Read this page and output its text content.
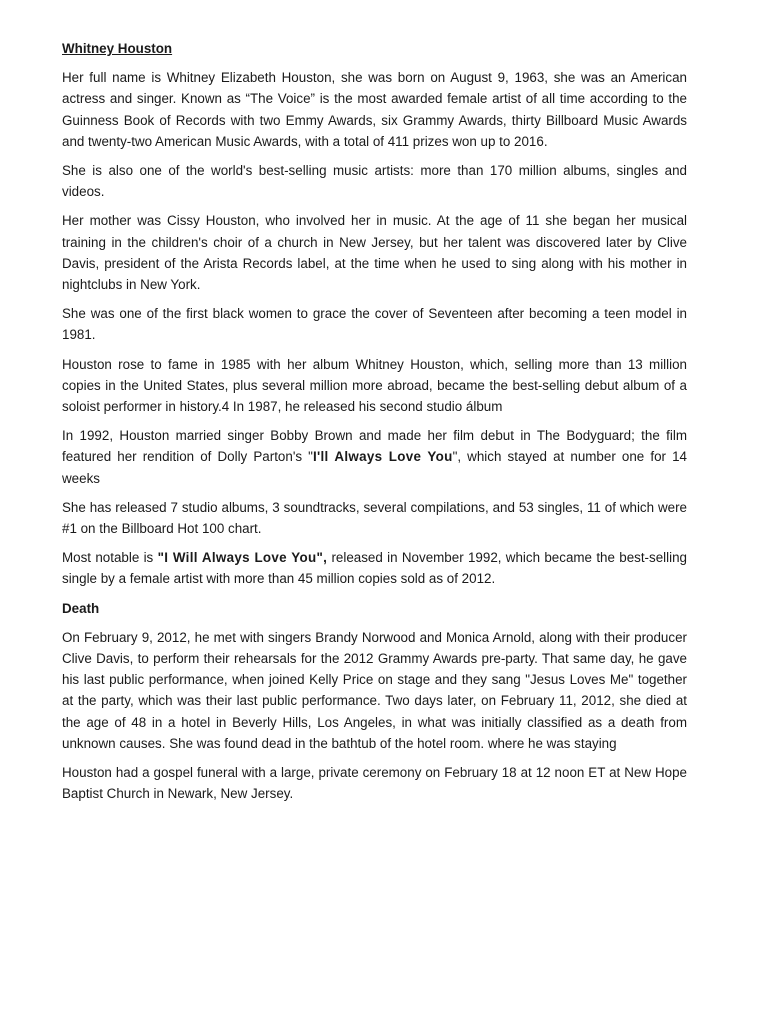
Whitney Houston

Her full name is Whitney Elizabeth Houston, she was born on August 9, 1963, she was an American actress and singer. Known as “The Voice” is the most awarded female artist of all time according to the Guinness Book of Records with two Emmy Awards, six Grammy Awards, thirty Billboard Music Awards and twenty-two American Music Awards, with a total of 411 prizes won up to 2016.

She is also one of the world's best-selling music artists: more than 170 million albums, singles and videos.

Her mother was Cissy Houston, who involved her in music. At the age of 11 she began her musical training in the children's choir of a church in New Jersey, but her talent was discovered later by Clive Davis, president of the Arista Records label, at the time when he used to sing along with his mother in nightclubs in New York.

She was one of the first black women to grace the cover of Seventeen after becoming a teen model in 1981.

Houston rose to fame in 1985 with her album Whitney Houston, which, selling more than 13 million copies in the United States, plus several million more abroad, became the best-selling debut album of a soloist performer in history.4 In 1987, he released his second studio álbum

In 1992, Houston married singer Bobby Brown and made her film debut in The Bodyguard; the film featured her rendition of Dolly Parton's "I'll Always Love You", which stayed at number one for 14 weeks

She has released 7 studio albums, 3 soundtracks, several compilations, and 53 singles, 11 of which were #1 on the Billboard Hot 100 chart.

Most notable is "I Will Always Love You", released in November 1992, which became the best-selling single by a female artist with more than 45 million copies sold as of 2012.

Death

On February 9, 2012, he met with singers Brandy Norwood and Monica Arnold, along with their producer Clive Davis, to perform their rehearsals for the 2012 Grammy Awards pre-party. That same day, he gave his last public performance, when joined Kelly Price on stage and they sang "Jesus Loves Me" together at the party, which was their last public performance. Two days later, on February 11, 2012, she died at the age of 48 in a hotel in Beverly Hills, Los Angeles, in what was initially classified as a death from unknown causes. She was found dead in the bathtub of the hotel room. where he was staying

Houston had a gospel funeral with a large, private ceremony on February 18 at 12 noon ET at New Hope Baptist Church in Newark, New Jersey.
